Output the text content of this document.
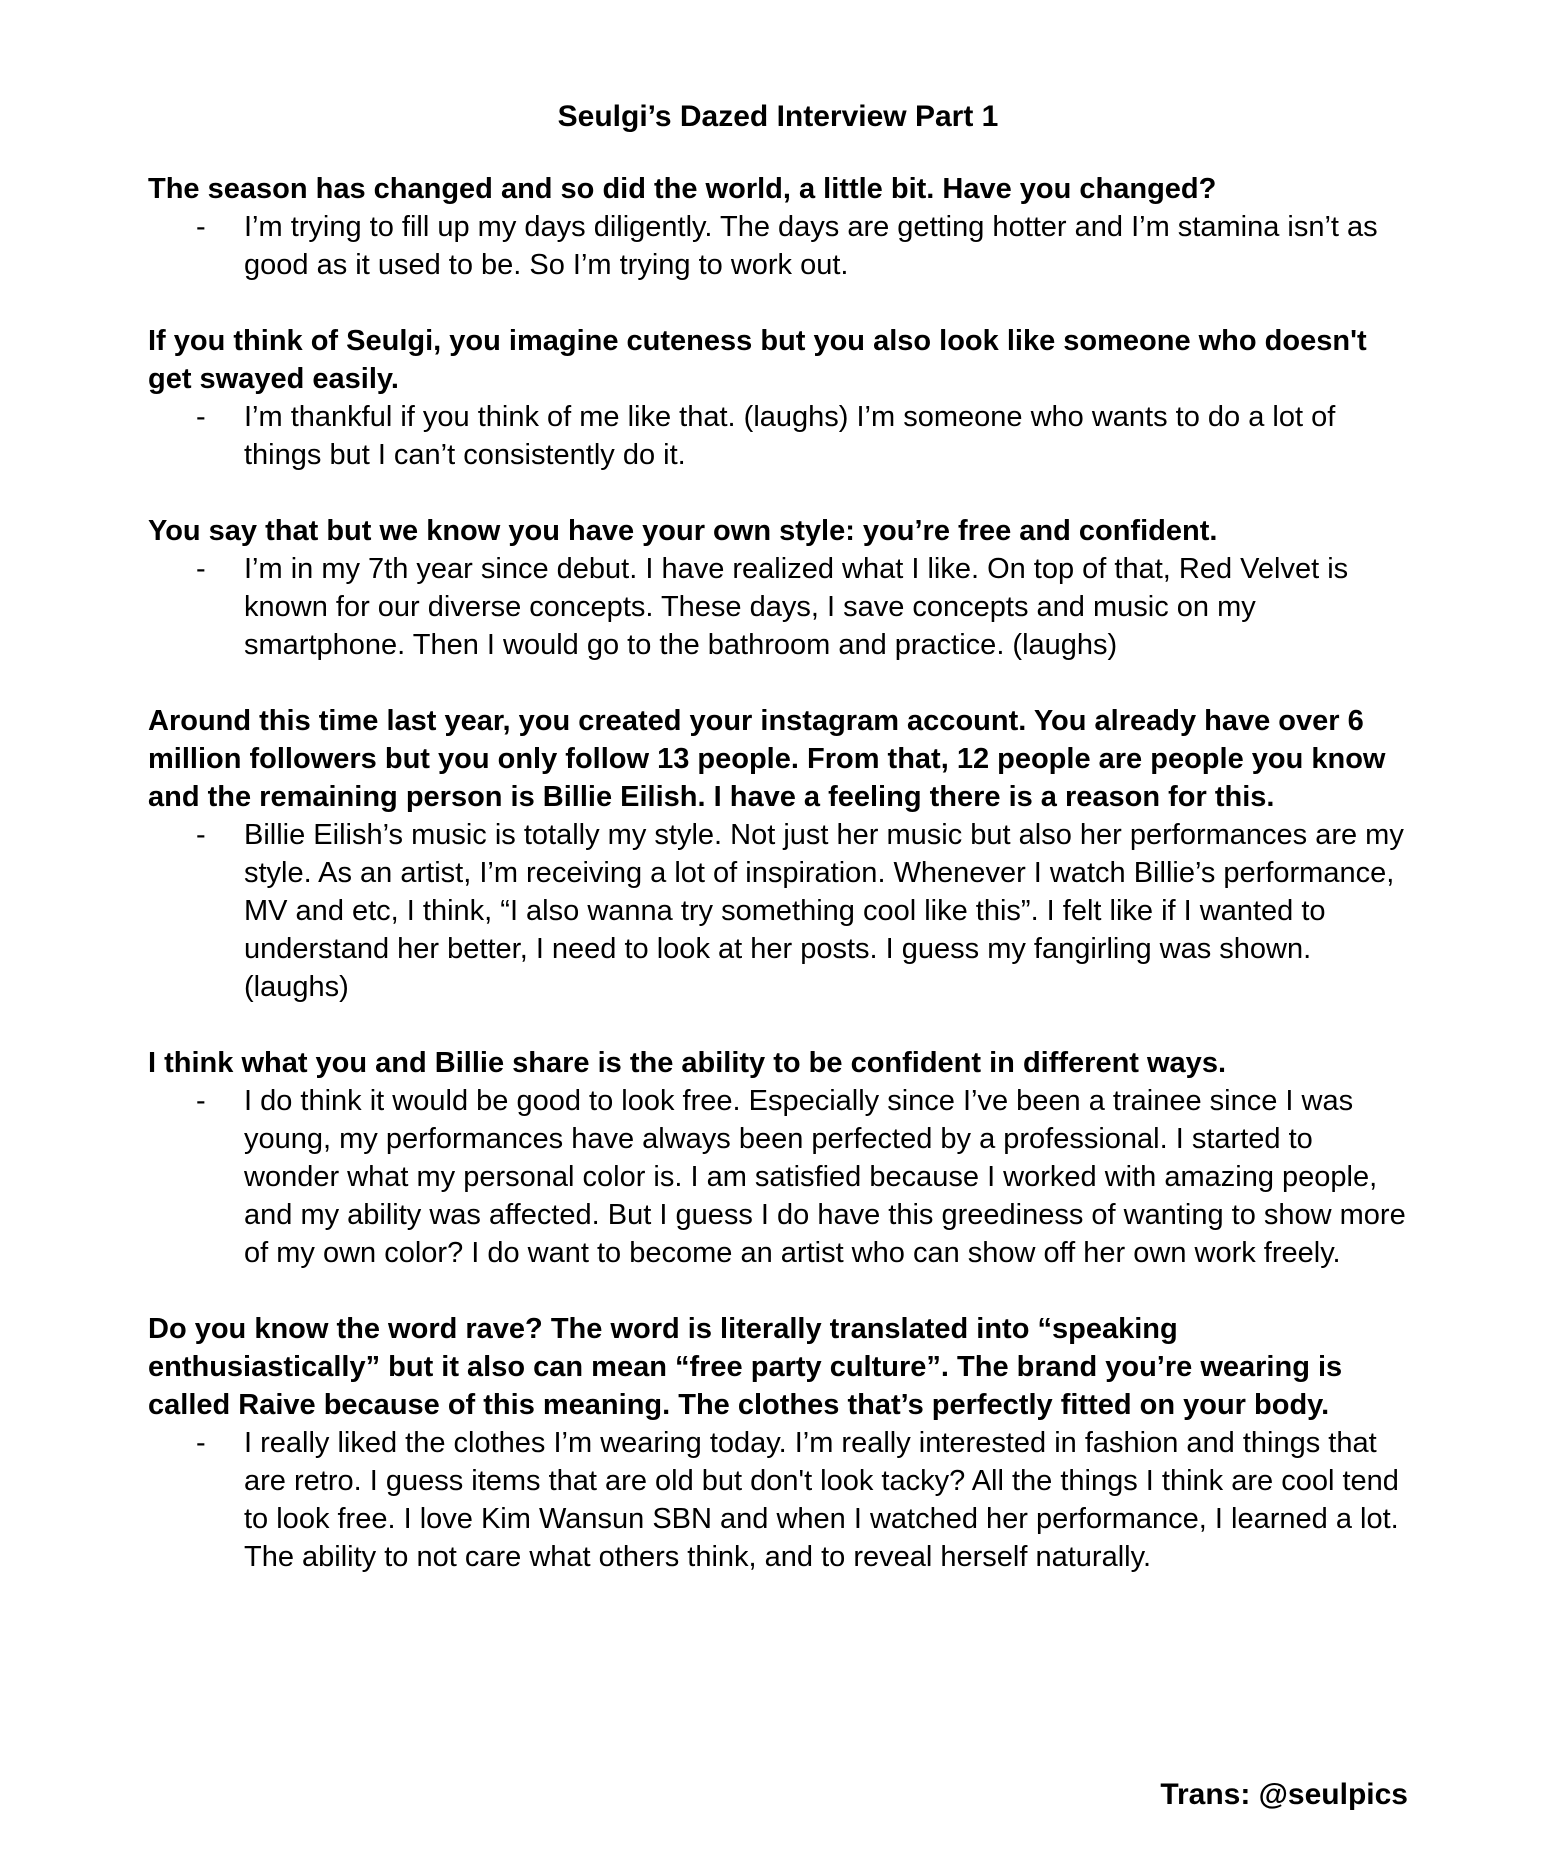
Seulgi’s Dazed Interview Part 1

The season has changed and so did the world, a little bit. Have you changed?

- I’m trying to fill up my days diligently. The days are getting hotter and I’m stamina isn’t as good as it used to be. So I’m trying to work out.

If you think of Seulgi, you imagine cuteness but you also look like someone who doesn't get swayed easily.

- I’m thankful if you think of me like that. (laughs) I’m someone who wants to do a lot of things but I can’t consistently do it.

You say that but we know you have your own style: you’re free and confident.

- I’m in my 7th year since debut. I have realized what I like. On top of that, Red Velvet is known for our diverse concepts. These days, I save concepts and music on my smartphone. Then I would go to the bathroom and practice. (laughs)

Around this time last year, you created your instagram account. You already have over 6 million followers but you only follow 13 people. From that, 12 people are people you know and the remaining person is Billie Eilish. I have a feeling there is a reason for this.

- Billie Eilish’s music is totally my style. Not just her music but also her performances are my style. As an artist, I’m receiving a lot of inspiration. Whenever I watch Billie’s performance, MV and etc, I think, “I also wanna try something cool like this”. I felt like if I wanted to understand her better, I need to look at her posts. I guess my fangirling was shown. (laughs)

I think what you and Billie share is the ability to be confident in different ways.

- I do think it would be good to look free. Especially since I’ve been a trainee since I was young, my performances have always been perfected by a professional. I started to wonder what my personal color is. I am satisfied because I worked with amazing people, and my ability was affected. But I guess I do have this greediness of wanting to show more of my own color? I do want to become an artist who can show off her own work freely.

Do you know the word rave? The word is literally translated into “speaking enthusiastically” but it also can mean “free party culture”. The brand you’re wearing is called Raive because of this meaning. The clothes that’s perfectly fitted on your body.

- I really liked the clothes I’m wearing today. I’m really interested in fashion and things that are retro. I guess items that are old but don't look tacky? All the things I think are cool tend to look free. I love Kim Wansun SBN and when I watched her performance, I learned a lot. The ability to not care what others think, and to reveal herself naturally.

Trans: @seulpics
